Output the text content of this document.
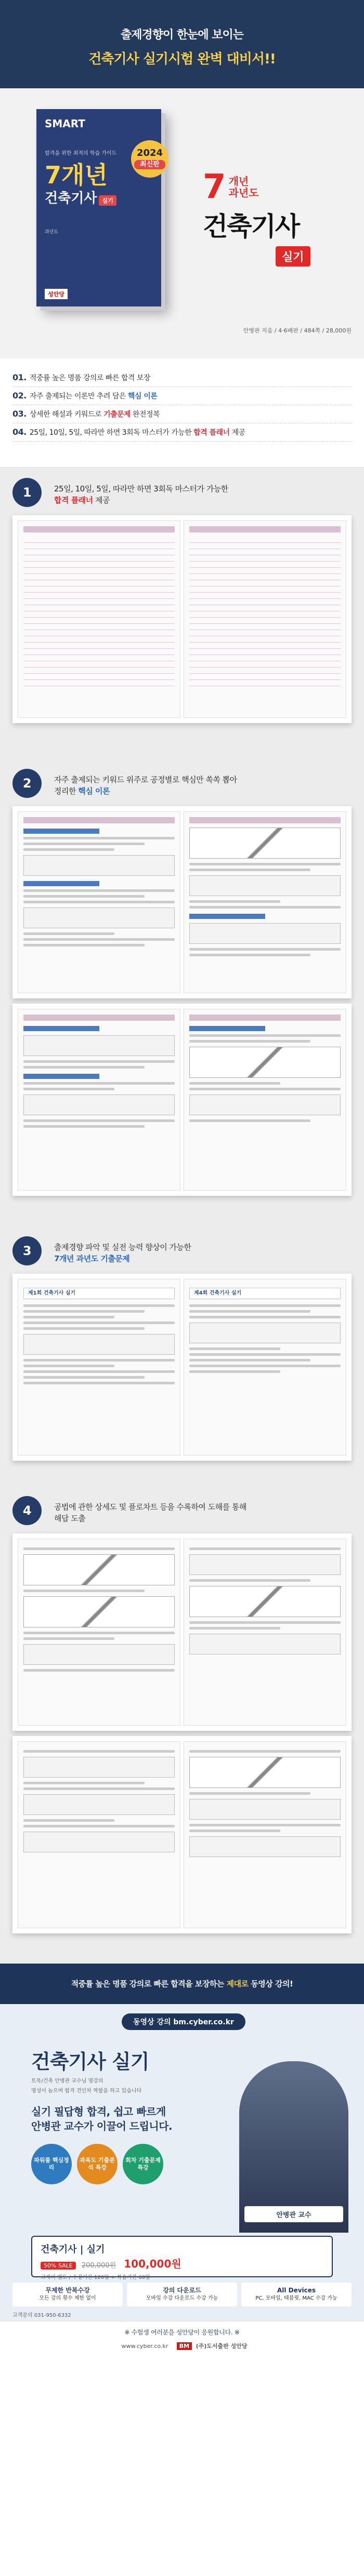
출제경향이 한눈에 보이는
건축기사 실기시험 완벽 대비서!!
SMART
2024
최신판
합격을 위한 최적의 학습 가이드
7개년
건축기사 실기
과년도
성안당
7 개년
과년도
건축기사
실기
안병관 지음 / 4·6배판 / 484쪽 / 28,000원
01. 적중률 높은 명품 강의로 빠른 합격 보장
02. 자주 출제되는 이론만 추려 담은 핵심 이론
03. 상세한 해설과 키워드로 기출문제 완전정복
04. 25일, 10일, 5일, 따라만 하면 3회독 마스터가 가능한 합격 플래너 제공
1	25일, 10일, 5일, 따라만 하면 3회독 마스터가 가능한
합격 플래너 제공
2	자주 출제되는 키워드 위주로 공정별로 핵심만 쏙쏙 뽑아
정리한 핵심 이론
3	출제경향 파악 및 실전 능력 향상이 가능한
7개년 과년도 기출문제
제1회 건축기사 실기	제4회 건축기사 실기
4	공법에 관한 상세도 및 플로차트 등을 수록하여 도해를 통해
해답 도출
적중률 높은 명품 강의로 빠른 합격을 보장하는 제대로 동영상 강의!
동영상 강의 bm.cyber.co.kr
건축기사 실기
토목/건축 안병관 교수님 명강의
명성이 높으며 합격 견인차 역할을 하고 있습니다
실기 필답형 합격, 쉽고 빠르게
안병관 교수가 이끌어 드립니다.
파워풀 핵심정리
과목도 기출분석 특강
회차 기출문제 특강
안병관 교수
건축기사 | 실기
50% SALE 200,000원 100,000원
교재비 별도 / 수강기간 120일 + 복습기간 60일
무제한 반복수강
모든 강의 횟수 제한 없이
강의 다운로드
모바일 수강 다운로드 수강 가능
All Devices
PC, 모바일, 태블릿, MAC 수강 가능
고객문의 031-950-6332
※ 수험생 여러분을 성안당이 응원합니다. ※
www.cyber.co.kr BM (주)도서출판 성안당
